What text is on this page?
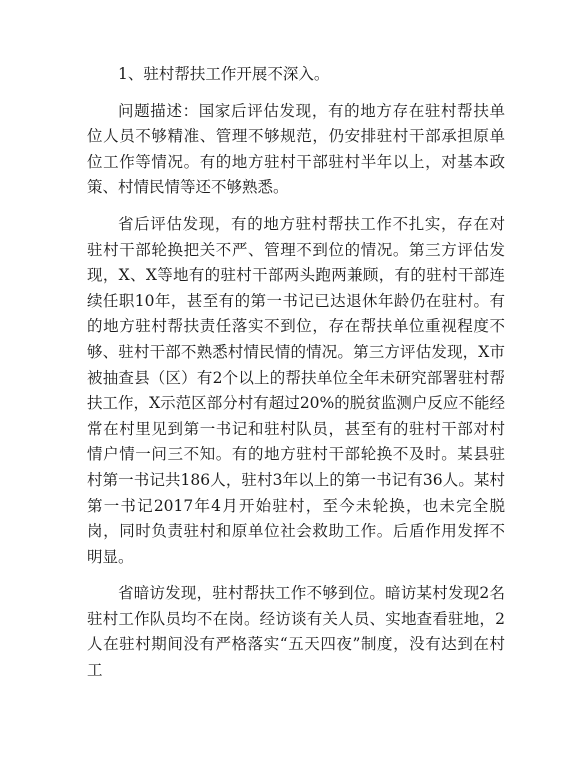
1、驻村帮扶工作开展不深入。

问题描述：国家后评估发现，有的地方存在驻村帮扶单位人员不够精准、管理不够规范，仍安排驻村干部承担原单位工作等情况。有的地方驻村干部驻村半年以上，对基本政策、村情民情等还不够熟悉。

省后评估发现，有的地方驻村帮扶工作不扎实，存在对驻村干部轮换把关不严、管理不到位的情况。第三方评估发现，X、X等地有的驻村干部两头跑两兼顾，有的驻村干部连续任职10年，甚至有的第一书记已达退休年龄仍在驻村。有的地方驻村帮扶责任落实不到位，存在帮扶单位重视程度不够、驻村干部不熟悉村情民情的情况。第三方评估发现，X市被抽查县（区）有2个以上的帮扶单位全年未研究部署驻村帮扶工作，X示范区部分村有超过20%的脱贫监测户反应不能经常在村里见到第一书记和驻村队员，甚至有的驻村干部对村情户情一问三不知。有的地方驻村干部轮换不及时。某县驻村第一书记共186人，驻村3年以上的第一书记有36人。某村第一书记2017年4月开始驻村，至今未轮换，也未完全脱岗，同时负责驻村和原单位社会救助工作。后盾作用发挥不明显。

省暗访发现，驻村帮扶工作不够到位。暗访某村发现2名驻村工作队员均不在岗。经访谈有关人员、实地查看驻地，2人在驻村期间没有严格落实“五天四夜”制度，没有达到在村工
